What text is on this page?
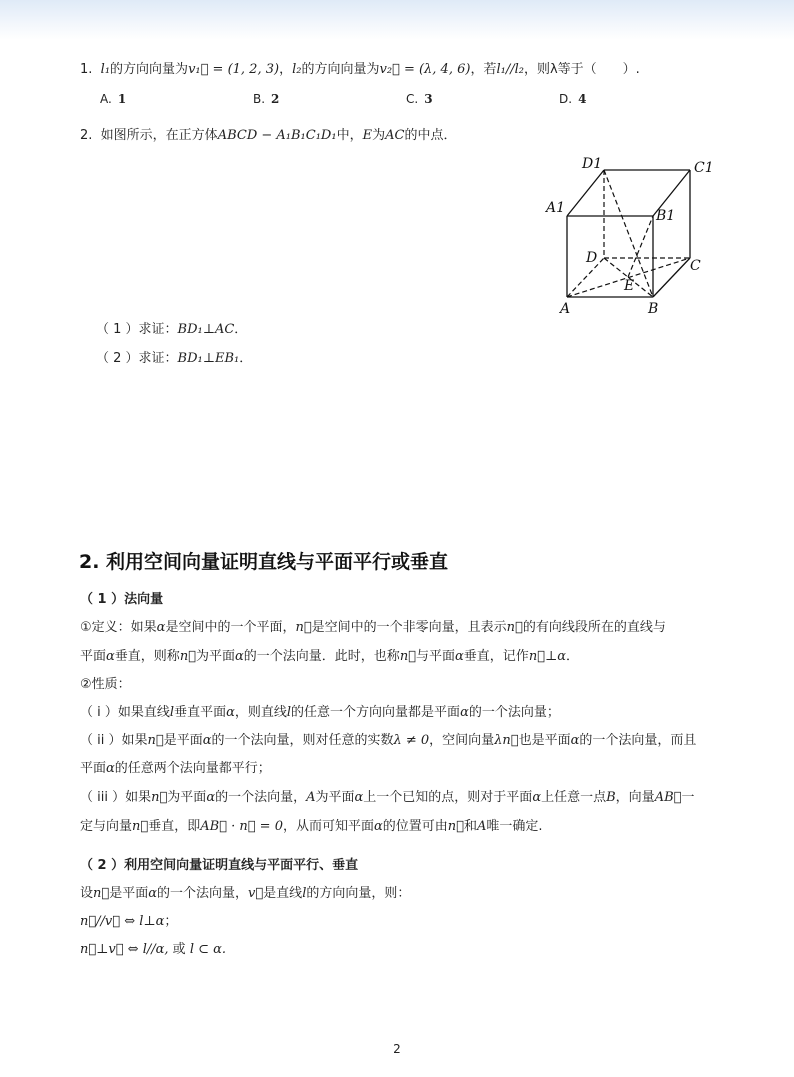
1. l₁的方向向量为v₁⃗ = (1, 2, 3)，l₂的方向向量为v₂⃗ = (λ, 4, 6)，若l₁//l₂，则λ等于（　　）.
A. 1	B. 2	C. 3	D. 4
2. 如图所示，在正方体ABCD − A₁B₁C₁D₁中，E为AC的中点．
D1	C1
A1	B1
D	C
E
A	B
（ 1 ）求证：BD₁⊥AC．
（ 2 ）求证：BD₁⊥EB₁．
2. 利用空间向量证明直线与平面平行或垂直
（ 1 ）法向量
①定义：如果α是空间中的一个平面，n⃗是空间中的一个非零向量，且表示n⃗的有向线段所在的直线与
平面α垂直，则称n⃗为平面α的一个法向量．此时，也称n⃗与平面α垂直，记作n⃗⊥α．
②性质：
（ i ）如果直线l垂直平面α，则直线l的任意一个方向向量都是平面α的一个法向量；
（ ii ）如果n⃗是平面α的一个法向量，则对任意的实数λ ≠ 0，空间向量λn⃗也是平面α的一个法向量，而且
平面α的任意两个法向量都平行；
（ iii ）如果n⃗为平面α的一个法向量，A为平面α上一个已知的点，则对于平面α上任意一点B，向量AB⃗一
定与向量n⃗垂直，即AB⃗ · n⃗ = 0，从而可知平面α的位置可由n⃗和A唯一确定.
（ 2 ）利用空间向量证明直线与平面平行、垂直
设n⃗是平面α的一个法向量，v⃗是直线l的方向向量，则：
n⃗//v⃗ ⇔ l⊥α；
n⃗⊥v⃗ ⇔ l//α, 或 l ⊂ α.
2
